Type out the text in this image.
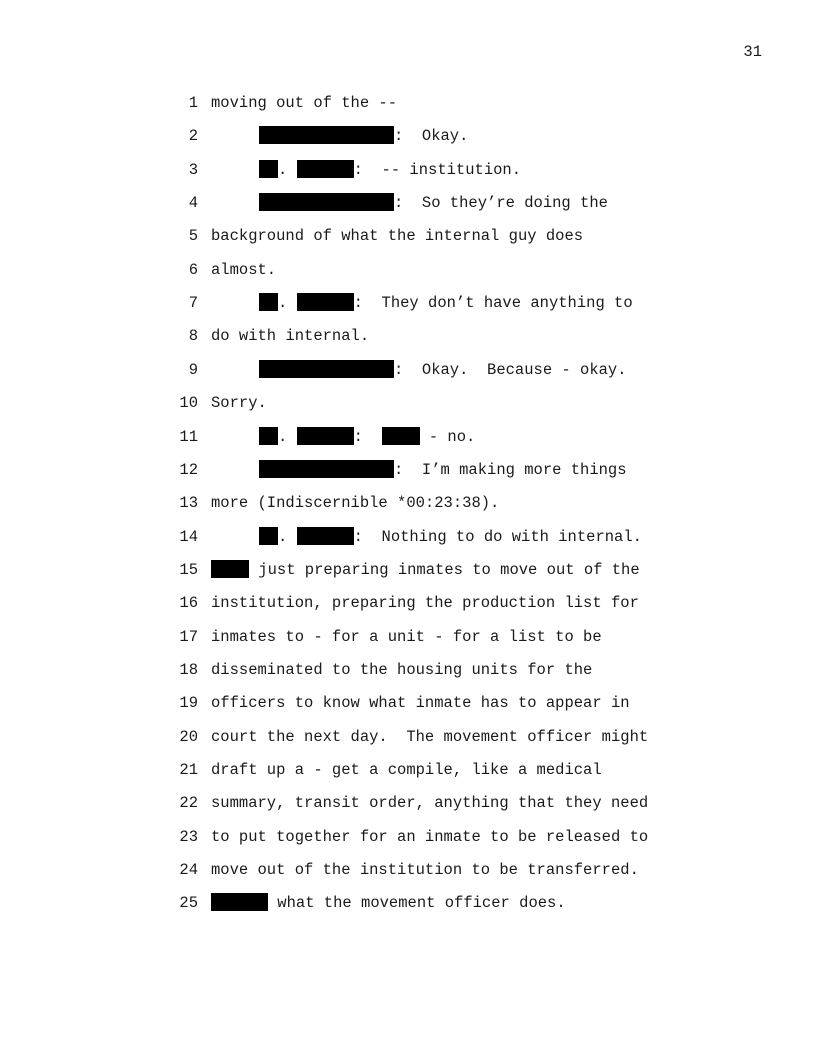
31
1 moving out of the --
2	:  Okay.
3	.	:  -- institution.
4	:  So they’re doing the
5 background of what the internal guy does
6 almost.
7	.	:  They don’t have anything to
8 do with internal.
9	:  Okay.  Because - okay.
10 Sorry.
11	.	:   - no.
12	:  I’m making more things
13 more (Indiscernible *00:23:38).
14	.	:  Nothing to do with internal.
15	just preparing inmates to move out of the
16 institution, preparing the production list for
17 inmates to - for a unit - for a list to be
18 disseminated to the housing units for the
19 officers to know what inmate has to appear in
20 court the next day.  The movement officer might
21 draft up a - get a compile, like a medical
22 summary, transit order, anything that they need
23 to put together for an inmate to be released to
24 move out of the institution to be transferred.
25	what the movement officer does.
